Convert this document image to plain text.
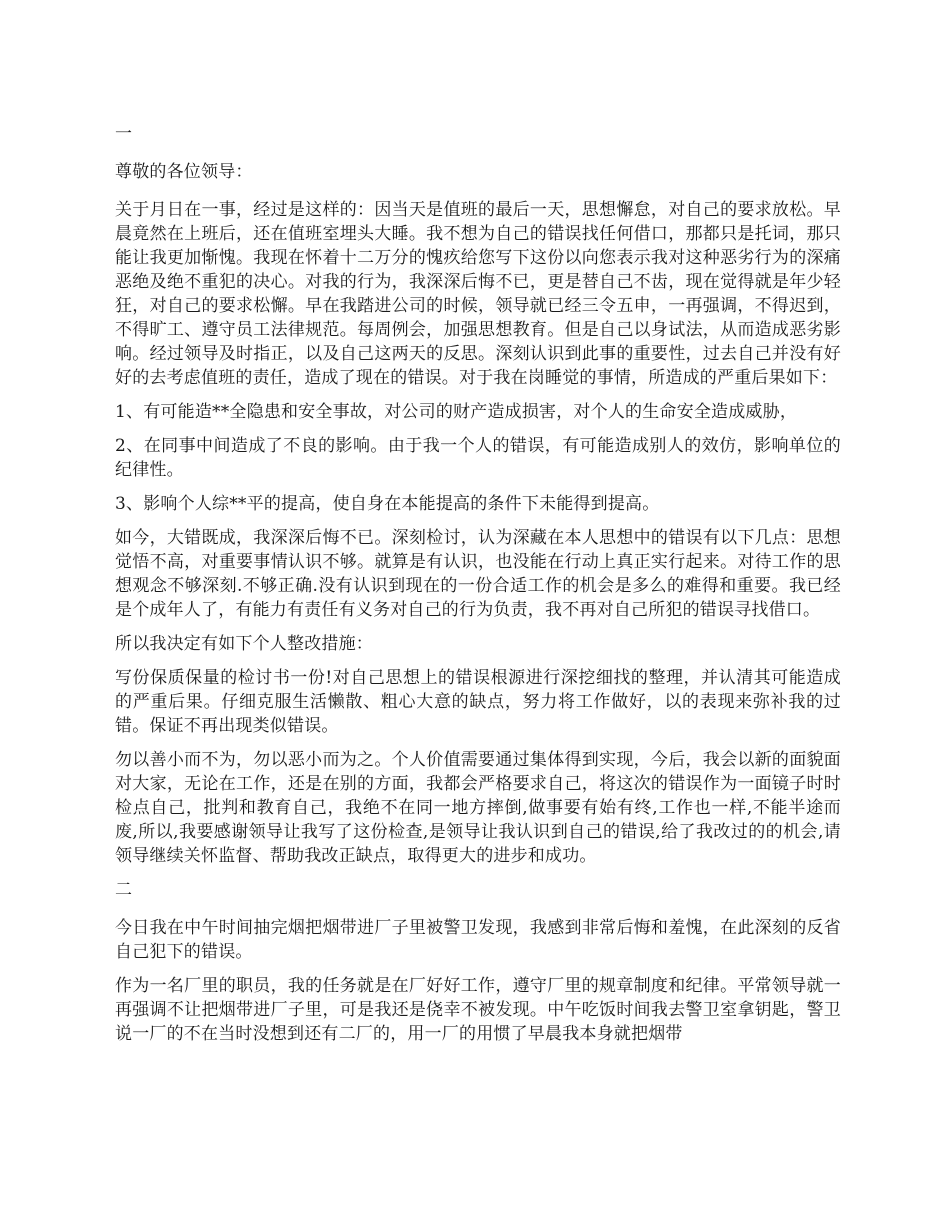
一

尊敬的各位领导：

关于月日在一事，经过是这样的：因当天是值班的最后一天，思想懈怠，对自己的要求放松。早晨竟然在上班后，还在值班室埋头大睡。我不想为自己的错误找任何借口，那都只是托词，那只能让我更加惭愧。我现在怀着十二万分的愧疚给您写下这份以向您表示我对这种恶劣行为的深痛恶绝及绝不重犯的决心。对我的行为，我深深后悔不已，更是替自己不齿，现在觉得就是年少轻狂，对自己的要求松懈。早在我踏进公司的时候，领导就已经三令五申，一再强调，不得迟到，不得旷工、遵守员工法律规范。每周例会，加强思想教育。但是自己以身试法，从而造成恶劣影响。经过领导及时指正，以及自己这两天的反思。深刻认识到此事的重要性，过去自己并没有好好的去考虑值班的责任，造成了现在的错误。对于我在岗睡觉的事情，所造成的严重后果如下：

1、有可能造**全隐患和安全事故，对公司的财产造成损害，对个人的生命安全造成威胁，

2、在同事中间造成了不良的影响。由于我一个人的错误，有可能造成别人的效仿，影响单位的纪律性。

3、影响个人综**平的提高，使自身在本能提高的条件下未能得到提高。

如今，大错既成，我深深后悔不已。深刻检讨，认为深藏在本人思想中的错误有以下几点：思想觉悟不高，对重要事情认识不够。就算是有认识，也没能在行动上真正实行起来。对待工作的思想观念不够深刻.不够正确.没有认识到现在的一份合适工作的机会是多么的难得和重要。我已经是个成年人了，有能力有责任有义务对自己的行为负责，我不再对自己所犯的错误寻找借口。

所以我决定有如下个人整改措施：

写份保质保量的检讨书一份!对自己思想上的错误根源进行深挖细找的整理，并认清其可能造成的严重后果。仔细克服生活懒散、粗心大意的缺点，努力将工作做好，以的表现来弥补我的过错。保证不再出现类似错误。

勿以善小而不为，勿以恶小而为之。个人价值需要通过集体得到实现，今后，我会以新的面貌面对大家，无论在工作，还是在别的方面，我都会严格要求自己，将这次的错误作为一面镜子时时检点自己，批判和教育自己，我绝不在同一地方摔倒,做事要有始有终,工作也一样,不能半途而废,所以,我要感谢领导让我写了这份检查,是领导让我认识到自己的错误,给了我改过的的机会,请领导继续关怀监督、帮助我改正缺点，取得更大的进步和成功。

二

今日我在中午时间抽完烟把烟带进厂子里被警卫发现，我感到非常后悔和羞愧，在此深刻的反省自己犯下的错误。

作为一名厂里的职员，我的任务就是在厂好好工作，遵守厂里的规章制度和纪律。平常领导就一再强调不让把烟带进厂子里，可是我还是侥幸不被发现。中午吃饭时间我去警卫室拿钥匙，警卫说一厂的不在当时没想到还有二厂的，用一厂的用惯了早晨我本身就把烟带
